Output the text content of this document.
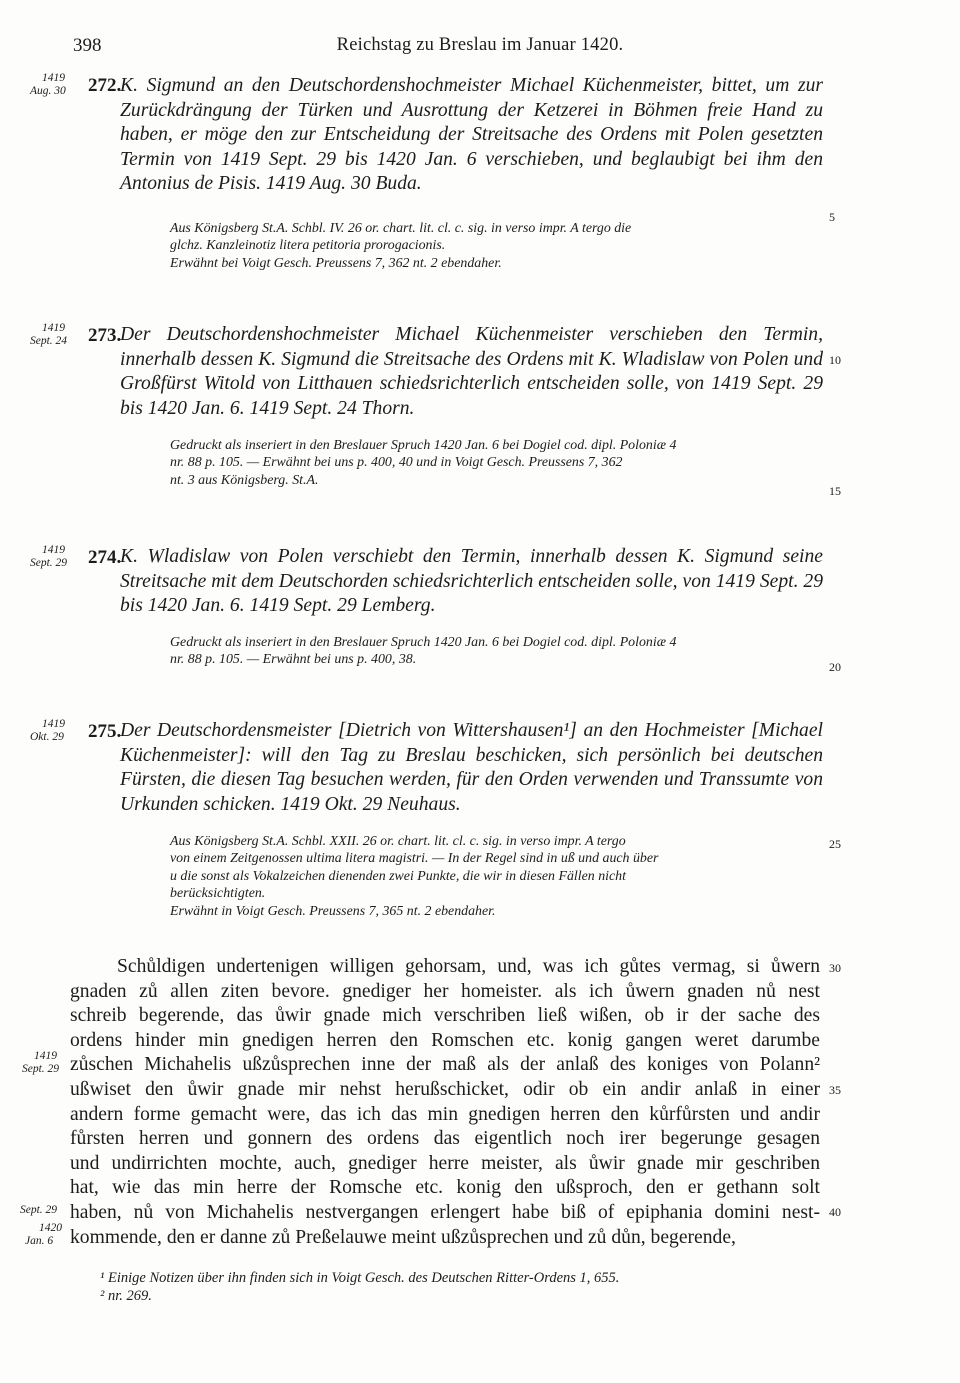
398	Reichstag zu Breslau im Januar 1420.
1419
Aug. 30 272.
K. Sigmund an den Deutschordenshochmeister Michael Küchenmeister, bittet, um zur Zurückdrängung der Türken und Ausrottung der Ketzerei in Böhmen freie Hand zu haben, er möge den zur Entscheidung der Streitsache des Ordens mit Polen gesetzten Termin von 1419 Sept. 29 bis 1420 Jan. 6 verschieben, und beglaubigt bei ihm den Antonius de Pisis. 1419 Aug. 30 Buda.
Aus Königsberg St.A. Schbl. IV. 26 or. chart. lit. cl. c. sig. in verso impr. A tergo die
glchz. Kanzleinotiz litera petitoria prorogacionis.
Erwähnt bei Voigt Gesch. Preussens 7, 362 nt. 2 ebendaher.
1419
Sept. 24 273.
Der Deutschordenshochmeister Michael Küchenmeister verschieben den Termin, innerhalb dessen K. Sigmund die Streitsache des Ordens mit K. Wladislaw von Polen und Großfürst Witold von Litthauen schiedsrichterlich entscheiden solle, von 1419 Sept. 29 bis 1420 Jan. 6. 1419 Sept. 24 Thorn.
Gedruckt als inseriert in den Breslauer Spruch 1420 Jan. 6 bei Dogiel cod. dipl. Poloniæ 4
nr. 88 p. 105. — Erwähnt bei uns p. 400, 40 und in Voigt Gesch. Preussens 7, 362
nt. 3 aus Königsberg. St.A.
1419
Sept. 29 274.
K. Wladislaw von Polen verschiebt den Termin, innerhalb dessen K. Sigmund seine Streitsache mit dem Deutschorden schiedsrichterlich entscheiden solle, von 1419 Sept. 29 bis 1420 Jan. 6. 1419 Sept. 29 Lemberg.
Gedruckt als inseriert in den Breslauer Spruch 1420 Jan. 6 bei Dogiel cod. dipl. Poloniæ 4
nr. 88 p. 105. — Erwähnt bei uns p. 400, 38.
1419
Okt. 29 275.
Der Deutschordensmeister [Dietrich von Wittershausen¹] an den Hochmeister [Michael Küchenmeister]: will den Tag zu Breslau beschicken, sich persönlich bei deutschen Fürsten, die diesen Tag besuchen werden, für den Orden verwenden und Transsumte von Urkunden schicken. 1419 Okt. 29 Neuhaus.
Aus Königsberg St.A. Schbl. XXII. 26 or. chart. lit. cl. c. sig. in verso impr. A tergo
von einem Zeitgenossen ultima litera magistri. — In der Regel sind in uß und auch über
u die sonst als Vokalzeichen dienenden zwei Punkte, die wir in diesen Fällen nicht
berücksichtigten.
Erwähnt in Voigt Gesch. Preussens 7, 365 nt. 2 ebendaher.

Schůldigen undertenigen willigen gehorsam, und, was ich gůtes vermag, si ůwern

gnaden zů allen ziten bevore. gnediger her homeister. als ich ůwern gnaden nů nest

schreib begerende, das ůwir gnade mich verschriben ließ wißen, ob ir der sache des

ordens hinder min gnedigen herren den Romschen etc. konig gangen weret darumbe

zůschen Michahelis ußzůsprechen inne der maß als der anlaß des koniges von Polann²

ußwiset den ůwir gnade mir nehst herußschicket, odir ob ein andir anlaß in einer

andern forme gemacht were, das ich das min gnedigen herren den kůrfůrsten und andir

fůrsten herren und gonnern des ordens das eigentlich noch irer begerunge gesagen

und undirrichten mochte, auch, gnediger herre meister, als ůwir gnade mir geschriben

hat, wie das min herre der Romsche etc. konig den ußsproch, den er gethann solt

haben, nů von Michahelis nestvergangen erlengert habe biß of epiphania domini nest-

kommende, den er danne zů Preßelauwe meint ußzůsprechen und zů důn, begerende,

1419
Sept. 29
Sept. 29
1420
Jan. 6
5
10
15
20
25
30
35
40
¹ Einige Notizen über ihn finden sich in Voigt Gesch. des Deutschen Ritter-Ordens 1, 655.
² nr. 269.
